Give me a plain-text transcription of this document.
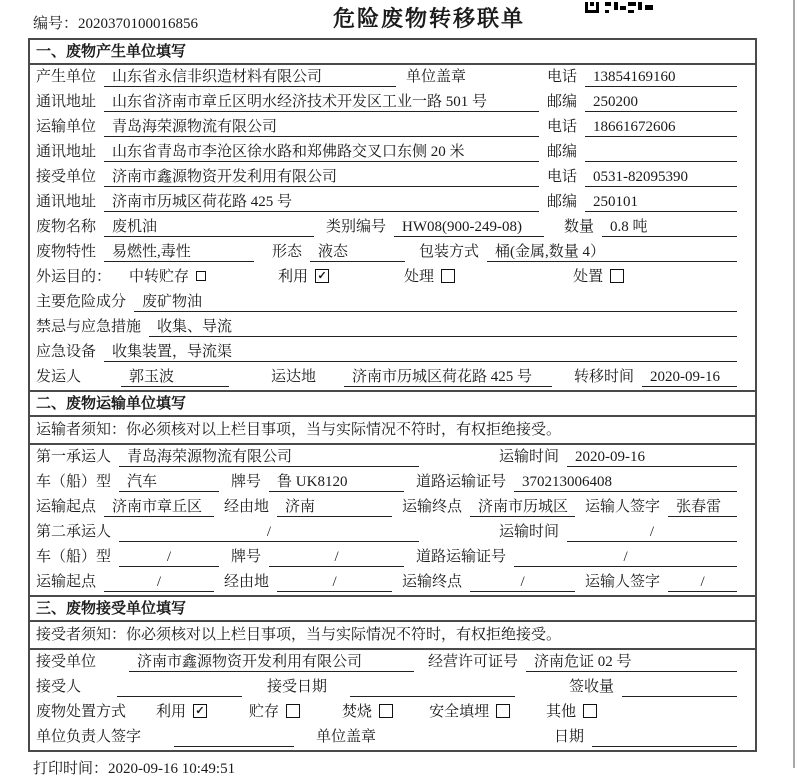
编号：2020370100016856	危险废物转移联单
一、废物产生单位填写
产生单位	山东省永信非织造材料有限公司	单位盖章	电话	13854169160
通讯地址	山东省济南市章丘区明水经济技术开发区工业一路 501 号	邮编	250200
运输单位	青岛海荣源物流有限公司	电话	18661672606
通讯地址	山东省青岛市李沧区徐水路和郑佛路交叉口东侧 20 米	邮编
接受单位	济南市鑫源物资开发利用有限公司	电话	0531-82095390
通讯地址	济南市历城区荷花路 425 号	邮编	250101
废物名称	废机油	类别编号	HW08(900-249-08)	数量	0.8 吨
废物特性	易燃性,毒性	形态	液态	包装方式	桶(金属,数量 4）
外运目的： 中转贮存	利用 ✓	处理	处置
主要危险成分	废矿物油
禁忌与应急措施	收集、导流
应急设备	收集装置，导流渠
发运人	郭玉波	运达地	济南市历城区荷花路 425 号	转移时间	2020-09-16
二、废物运输单位填写
运输者须知：你必须核对以上栏目事项，当与实际情况不符时，有权拒绝接受。
第一承运人	青岛海荣源物流有限公司	运输时间	2020-09-16
车（船）型	汽车	牌号	鲁 UK8120	道路运输证号	370213006408
运输起点	济南市章丘区	经由地	济南	运输终点	济南市历城区	运输人签字	张春雷
第二承运人	/	运输时间	/
车（船）型	/	牌号	/	道路运输证号	/
运输起点	/	经由地	/	运输终点	/	运输人签字	/
三、废物接受单位填写
接受者须知：你必须核对以上栏目事项，当与实际情况不符时，有权拒绝接受。
接受单位	济南市鑫源物资开发利用有限公司	经营许可证号	济南危证 02 号
接受人	接受日期	签收量
废物处置方式 利用 ✓	贮存	焚烧	安全填埋	其他
单位负责人签字	单位盖章	日期
打印时间：2020-09-16 10:49:51
